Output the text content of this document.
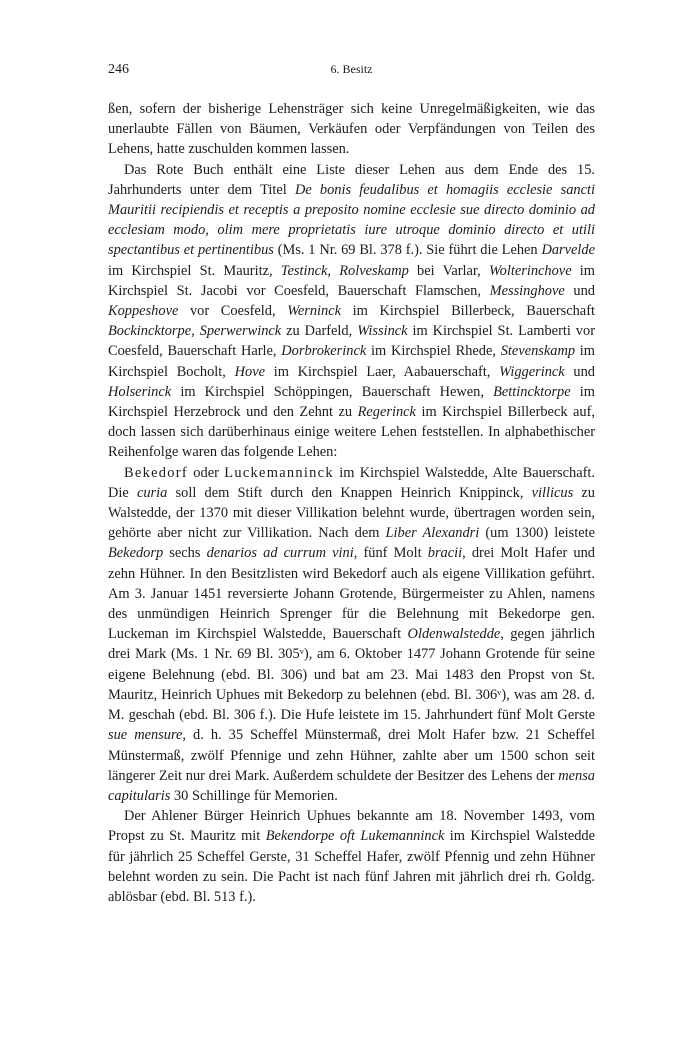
246	6. Besitz

ßen, sofern der bisherige Lehensträger sich keine Unregelmäßigkeiten, wie das unerlaubte Fällen von Bäumen, Verkäufen oder Verpfändungen von Teilen des Lehens, hatte zuschulden kommen lassen.

Das Rote Buch enthält eine Liste dieser Lehen aus dem Ende des 15. Jahrhunderts unter dem Titel De bonis feudalibus et homagiis ecclesie sancti Mauritii recipiendis et receptis a preposito nomine ecclesie sue directo dominio ad ecclesiam modo, olim mere proprietatis iure utroque dominio directo et utili spectantibus et pertinentibus (Ms. 1 Nr. 69 Bl. 378 f.). Sie führt die Lehen Darvelde im Kirchspiel St. Mauritz, Testinck, Rolveskamp bei Varlar, Wolterinchove im Kirchspiel St. Jacobi vor Coesfeld, Bauerschaft Flamschen, Messinghove und Koppeshove vor Coesfeld, Werninck im Kirchspiel Billerbeck, Bauerschaft Bockincktorpe, Sperwerwinck zu Darfeld, Wissinck im Kirchspiel St. Lamberti vor Coesfeld, Bauerschaft Harle, Dorbrokerinck im Kirchspiel Rhede, Stevenskamp im Kirchspiel Bocholt, Hove im Kirchspiel Laer, Aabauerschaft, Wiggerinck und Holserinck im Kirchspiel Schöppingen, Bauerschaft Hewen, Bettincktorpe im Kirchspiel Herzebrock und den Zehnt zu Regerinck im Kirchspiel Billerbeck auf, doch lassen sich darüberhinaus einige weitere Lehen feststellen. In alphabethischer Reihenfolge waren das folgende Lehen:

Bekedorf oder Luckemanninck im Kirchspiel Walstedde, Alte Bauerschaft. Die curia soll dem Stift durch den Knappen Heinrich Knippinck, villicus zu Walstedde, der 1370 mit dieser Villikation belehnt wurde, übertragen worden sein, gehörte aber nicht zur Villikation. Nach dem Liber Alexandri (um 1300) leistete Bekedorp sechs denarios ad currum vini, fünf Molt bracii, drei Molt Hafer und zehn Hühner. In den Besitzlisten wird Bekedorf auch als eigene Villikation geführt. Am 3. Januar 1451 reversierte Johann Grotende, Bürgermeister zu Ahlen, namens des unmündigen Heinrich Sprenger für die Belehnung mit Bekedorpe gen. Luckeman im Kirchspiel Walstedde, Bauerschaft Oldenwalstedde, gegen jährlich drei Mark (Ms. 1 Nr. 69 Bl. 305ᵛ), am 6. Oktober 1477 Johann Grotende für seine eigene Belehnung (ebd. Bl. 306) und bat am 23. Mai 1483 den Propst von St. Mauritz, Heinrich Uphues mit Bekedorp zu belehnen (ebd. Bl. 306ᵛ), was am 28. d. M. geschah (ebd. Bl. 306 f.). Die Hufe leistete im 15. Jahrhundert fünf Molt Gerste sue mensure, d. h. 35 Scheffel Münstermaß, drei Molt Hafer bzw. 21 Scheffel Münstermaß, zwölf Pfennige und zehn Hühner, zahlte aber um 1500 schon seit längerer Zeit nur drei Mark. Außerdem schuldete der Besitzer des Lehens der mensa capitularis 30 Schillinge für Memorien.

Der Ahlener Bürger Heinrich Uphues bekannte am 18. November 1493, vom Propst zu St. Mauritz mit Bekendorpe oft Lukemanninck im Kirchspiel Walstedde für jährlich 25 Scheffel Gerste, 31 Scheffel Hafer, zwölf Pfennig und zehn Hühner belehnt worden zu sein. Die Pacht ist nach fünf Jahren mit jährlich drei rh. Goldg. ablösbar (ebd. Bl. 513 f.).
